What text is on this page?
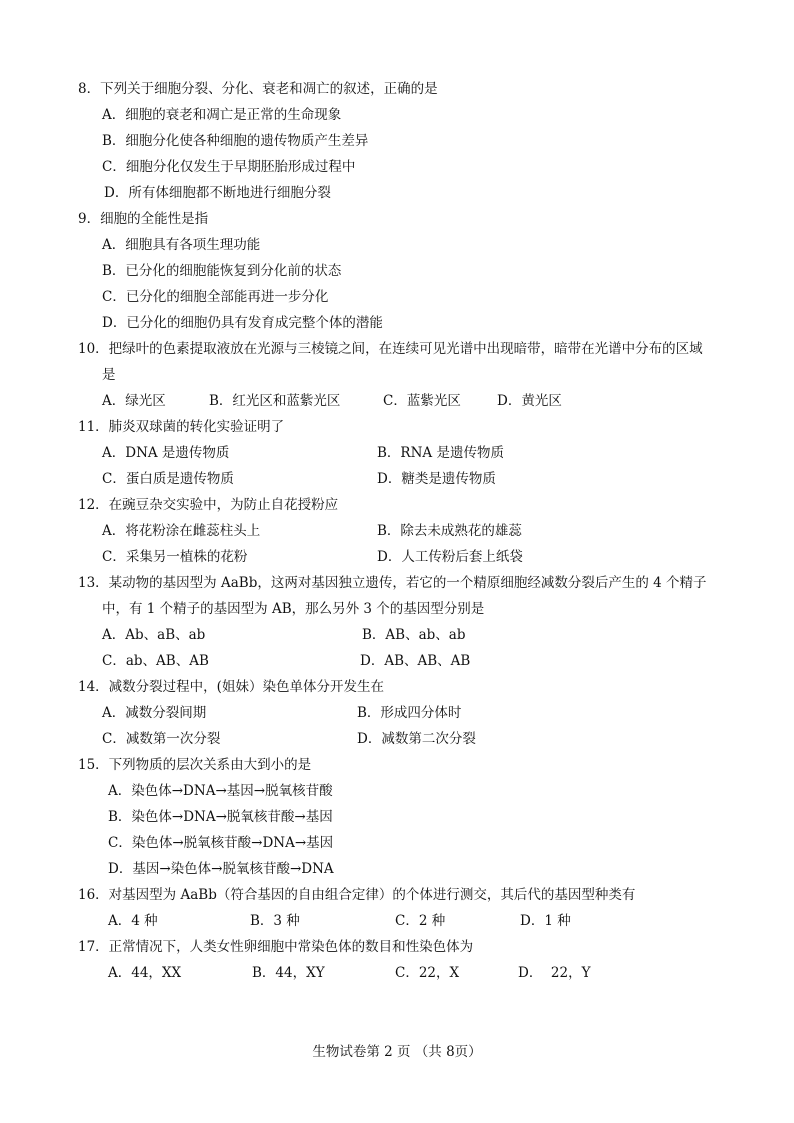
8．下列关于细胞分裂、分化、衰老和凋亡的叙述，正确的是
A．细胞的衰老和凋亡是正常的生命现象
B．细胞分化使各种细胞的遗传物质产生差异
C．细胞分化仅发生于早期胚胎形成过程中
D．所有体细胞都不断地进行细胞分裂
9．细胞的全能性是指
A．细胞具有各项生理功能
B．已分化的细胞能恢复到分化前的状态
C．已分化的细胞全部能再进一步分化
D．已分化的细胞仍具有发育成完整个体的潜能
10．把绿叶的色素提取液放在光源与三棱镜之间，在连续可见光谱中出现暗带，暗带在光谱中分布的区域
是
A．绿光区	B．红光区和蓝紫光区	C．蓝紫光区	D．黄光区
11．肺炎双球菌的转化实验证明了
A．DNA 是遗传物质	B．RNA 是遗传物质
C．蛋白质是遗传物质	D．糖类是遗传物质
12．在豌豆杂交实验中，为防止自花授粉应
A．将花粉涂在雌蕊柱头上	B．除去未成熟花的雄蕊
C．采集另一植株的花粉	D．人工传粉后套上纸袋
13．某动物的基因型为 AaBb，这两对基因独立遗传，若它的一个精原细胞经减数分裂后产生的 4 个精子
中，有 1 个精子的基因型为 AB，那么另外 3 个的基因型分别是
A．Ab、aB、ab	B．AB、ab、ab
C．ab、AB、AB	D．AB、AB、AB
14．减数分裂过程中，(姐妹）染色单体分开发生在
A．减数分裂间期	B．形成四分体时
C．减数第一次分裂	D．减数第二次分裂
15．下列物质的层次关系由大到小的是
A．染色体→DNA→基因→脱氧核苷酸
B．染色体→DNA→脱氧核苷酸→基因
C．染色体→脱氧核苷酸→DNA→基因
D．基因→染色体→脱氧核苷酸→DNA
16．对基因型为 AaBb（符合基因的自由组合定律）的个体进行测交，其后代的基因型种类有
A．4 种	B．3 种	C．2 种	D．1 种
17．正常情况下，人类女性卵细胞中常染色体的数目和性染色体为
A．44，XX	B．44，XY	C．22，X	D．  22，Y
生物试卷第 2 页 （共 8页）
